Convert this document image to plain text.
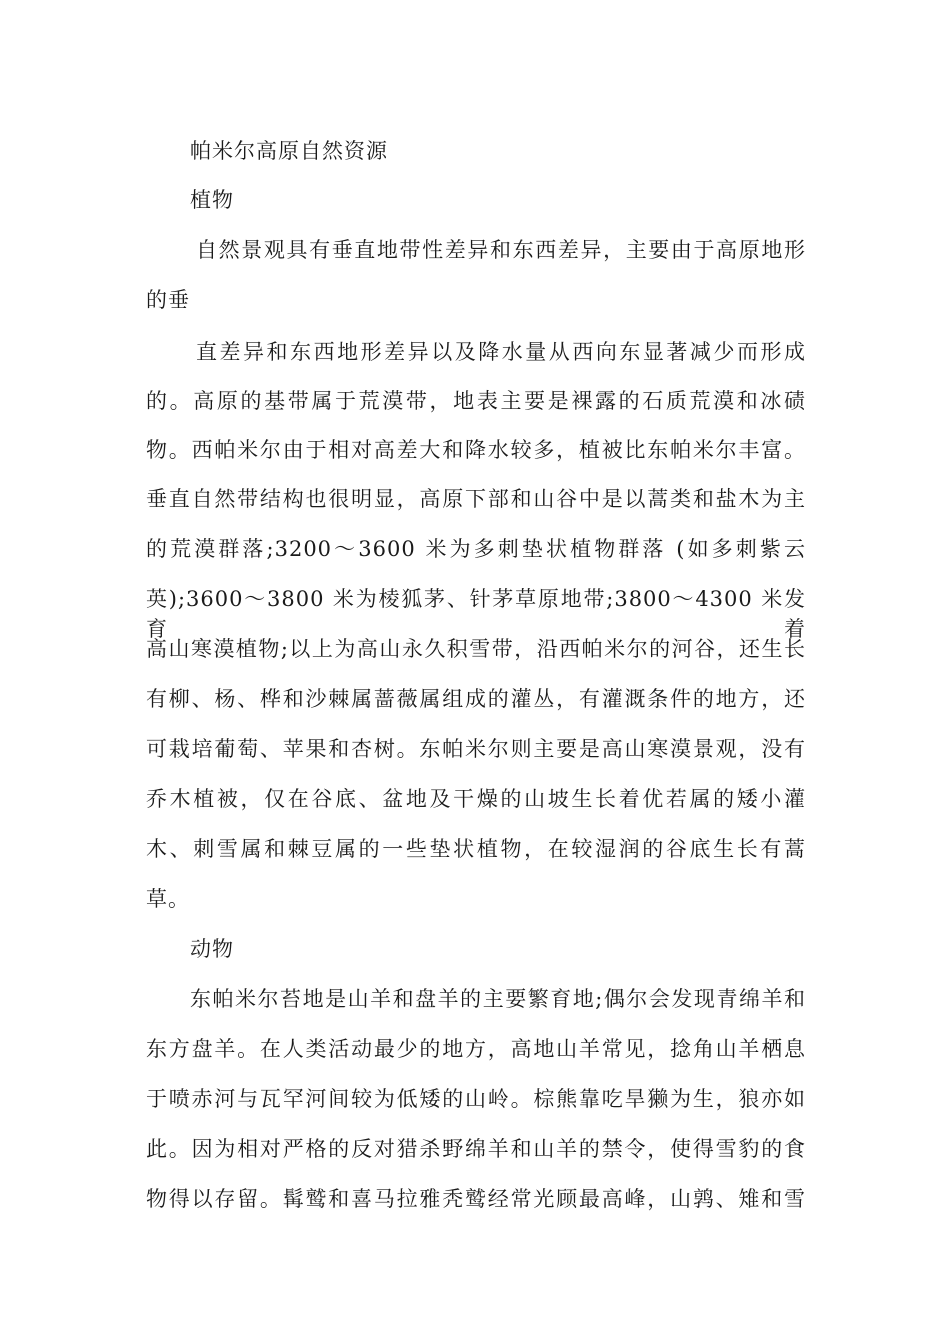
帕米尔高原自然资源
植物
自然景观具有垂直地带性差异和东西差异，主要由于高原地形
的垂
直差异和东西地形差异以及降水量从西向东显著减少而形成
的。高原的基带属于荒漠带，地表主要是裸露的石质荒漠和冰碛
物。西帕米尔由于相对高差大和降水较多，植被比东帕米尔丰富。
垂直自然带结构也很明显，高原下部和山谷中是以蒿类和盐木为主
的荒漠群落;3200～3600 米为多刺垫状植物群落 (如多刺紫云
英);3600～3800 米为棱狐茅、针茅草原地带;3800～4300 米发育着
高山寒漠植物;以上为高山永久积雪带，沿西帕米尔的河谷，还生长
有柳、杨、桦和沙棘属蔷薇属组成的灌丛，有灌溉条件的地方，还
可栽培葡萄、苹果和杏树。东帕米尔则主要是高山寒漠景观，没有
乔木植被，仅在谷底、盆地及干燥的山坡生长着优若属的矮小灌
木、刺雪属和棘豆属的一些垫状植物，在较湿润的谷底生长有蒿
草。
动物
东帕米尔苔地是山羊和盘羊的主要繁育地;偶尔会发现青绵羊和
东方盘羊。在人类活动最少的地方，高地山羊常见，捻角山羊栖息
于喷赤河与瓦罕河间较为低矮的山岭。棕熊靠吃旱獭为生，狼亦如
此。因为相对严格的反对猎杀野绵羊和山羊的禁令，使得雪豹的食
物得以存留。髯鹫和喜马拉雅秃鹫经常光顾最高峰，山鹑、雉和雪
